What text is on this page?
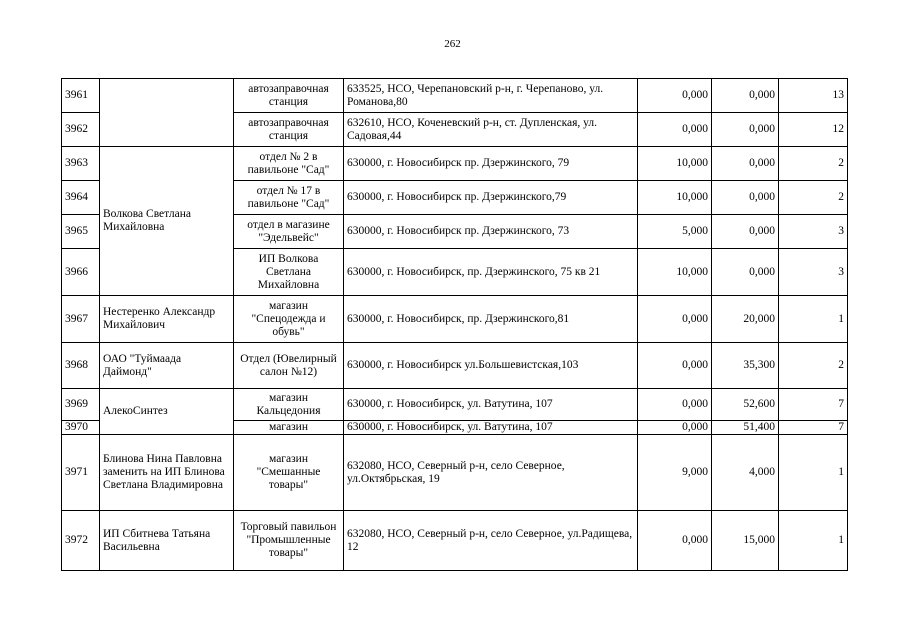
262
3961		автозаправочная станция	633525, НСО, Черепановский р-н, г. Черепаново, ул. Романова,80	0,000	0,000	13
3962		автозаправочная станция	632610, НСО, Коченевский р-н, ст. Дупленская, ул. Садовая,44	0,000	0,000	12
3963	Волкова Светлана Михайловна	отдел № 2 в павильоне "Сад"	630000, г. Новосибирск пр. Дзержинского, 79	10,000	0,000	2
3964		отдел № 17 в павильоне "Сад"	630000, г. Новосибирск пр. Дзержинского,79	10,000	0,000	2
3965		отдел в магазине "Эдельвейс"	630000, г. Новосибирск пр. Дзержинского, 73	5,000	0,000	3
3966		ИП Волкова Светлана Михайловна	630000, г. Новосибирск, пр. Дзержинского, 75 кв 21	10,000	0,000	3
3967	Нестеренко Александр Михайлович	магазин "Спецодежда и обувь"	630000, г. Новосибирск, пр. Дзержинского,81	0,000	20,000	1
3968	ОАО "Туймаада Даймонд"	Отдел (Ювелирный салон №12)	630000, г. Новосибирск ул.Большевистская,103	0,000	35,300	2
3969	АлекоСинтез	магазин Кальцедония	630000, г. Новосибирск, ул. Ватутина, 107	0,000	52,600	7
3970		магазин	630000, г. Новосибирск, ул. Ватутина, 107	0,000	51,400	7
3971	Блинова Нина Павловна заменить на ИП Блинова Светлана Владимировна	магазин "Смешанные товары"	632080, НСО, Северный р-н, село Северное, ул.Октябрьская, 19	9,000	4,000	1
3972	ИП Сбитнева Татьяна Васильевна	Торговый павильон "Промышленные товары"	632080, НСО, Северный р-н, село Северное, ул.Радищева, 12	0,000	15,000	1
